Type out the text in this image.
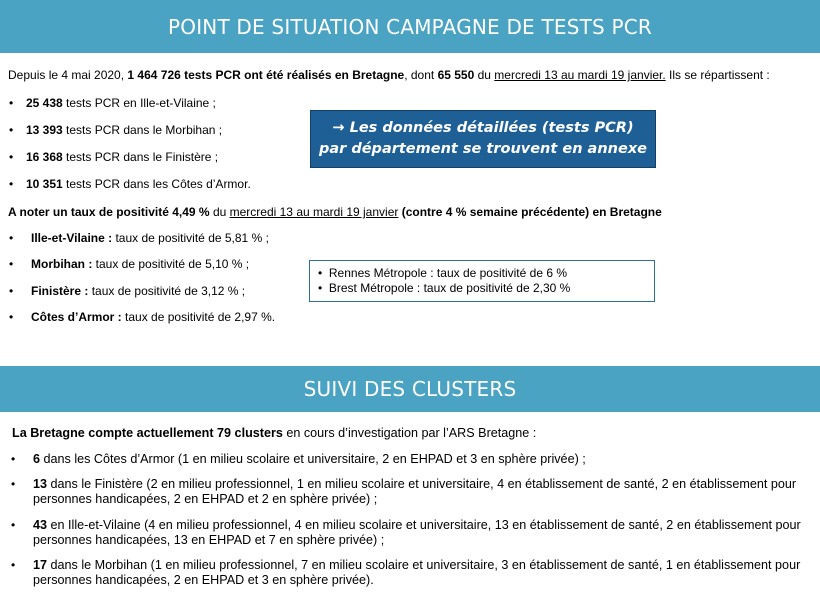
POINT DE SITUATION CAMPAGNE DE TESTS PCR
Depuis le 4 mai 2020, 1 464 726 tests PCR ont été réalisés en Bretagne, dont 65 550 du mercredi 13 au mardi 19 janvier. Ils se répartissent :
• 25 438 tests PCR en Ille-et-Vilaine ;
• 13 393 tests PCR dans le Morbihan ;
• 16 368 tests PCR dans le Finistère ;
• 10 351 tests PCR dans les Côtes d’Armor.
→ Les données détaillées (tests PCR)
par département se trouvent en annexe
A noter un taux de positivité 4,49 % du mercredi 13 au mardi 19 janvier (contre 4 % semaine précédente) en Bretagne
• Ille-et-Vilaine : taux de positivité de 5,81 % ;
• Morbihan : taux de positivité de 5,10 % ;
• Finistère : taux de positivité de 3,12 % ;
• Côtes d’Armor : taux de positivité de 2,97 %.
• Rennes Métropole : taux de positivité de 6 %
• Brest Métropole : taux de positivité de 2,30 %
SUIVI DES CLUSTERS
La Bretagne compte actuellement 79 clusters en cours d’investigation par l’ARS Bretagne :
• 6 dans les Côtes d’Armor (1 en milieu scolaire et universitaire, 2 en EHPAD et 3 en sphère privée) ;
• 13 dans le Finistère (2 en milieu professionnel, 1 en milieu scolaire et universitaire, 4 en établissement de santé, 2 en établissement pour personnes handicapées, 2 en EHPAD et 2 en sphère privée) ;
• 43 en Ille-et-Vilaine (4 en milieu professionnel, 4 en milieu scolaire et universitaire, 13 en établissement de santé, 2 en établissement pour personnes handicapées, 13 en EHPAD et 7 en sphère privée) ;
• 17 dans le Morbihan (1 en milieu professionnel, 7 en milieu scolaire et universitaire, 3 en établissement de santé, 1 en établissement pour personnes handicapées, 2 en EHPAD et 3 en sphère privée).
